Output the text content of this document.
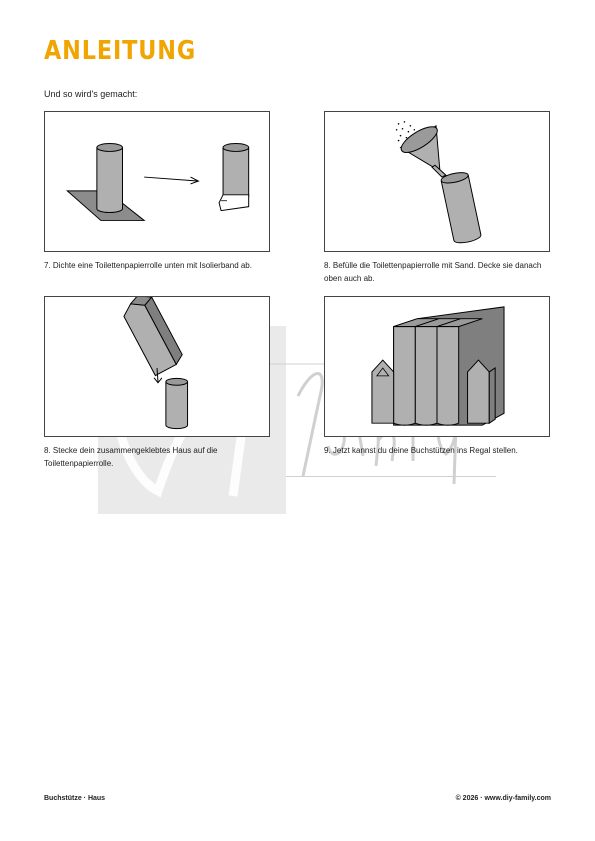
ANLEITUNG
Und so wird's gemacht:
7. Dichte eine Toilettenpapierrolle unten mit Isolierband ab.	8. Befülle die Toilettenpapierrolle mit Sand. Decke sie danach oben auch ab.
8. Stecke dein zusammengeklebtes Haus auf die Toilettenpapierrolle.
9. Jetzt kannst du deine Buchstützen ins Regal stellen.
Buchstütze · Haus	© 2026 · www.diy-family.com
